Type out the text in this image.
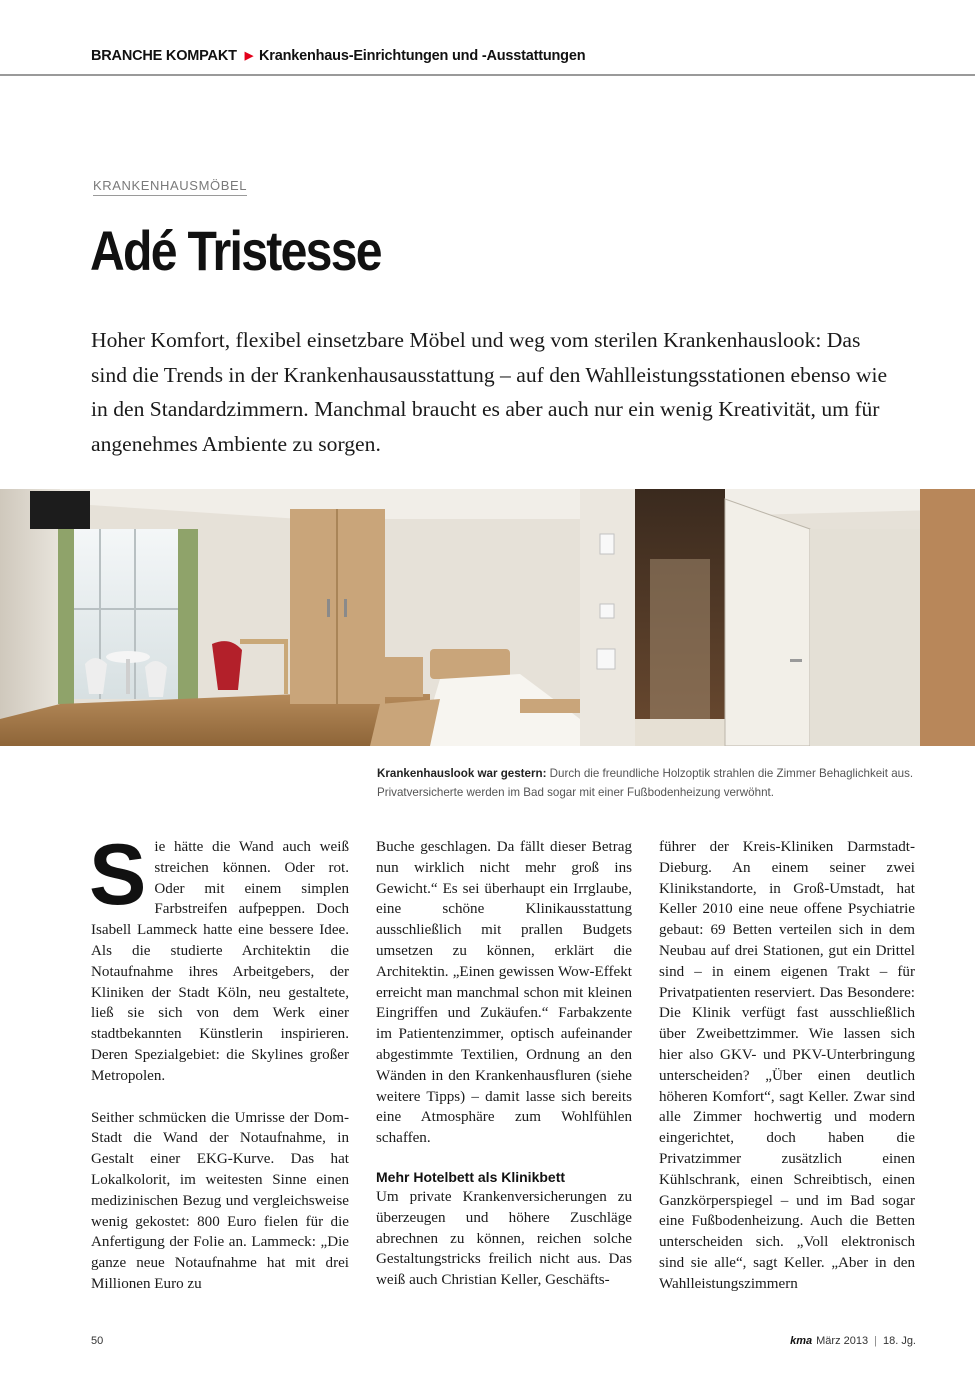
BRANCHE KOMPAKT ▶ Krankenhaus-Einrichtungen und -Ausstattungen
KRANKENHAUSMÖBEL
Adé Tristesse

Hoher Komfort, flexibel einsetzbare Möbel und weg vom sterilen Krankenhauslook: Das sind die Trends in der Krankenhausausstattung – auf den Wahlleistungsstationen ebenso wie in den Standardzimmern. Manchmal braucht es aber auch nur ein wenig Kreativität, um für angenehmes Ambiente zu sorgen.

Krankenhauslook war gestern: Durch die freundliche Holzoptik strahlen die Zimmer Behaglichkeit aus. Privatversicherte werden im Bad sogar mit einer Fußbodenheizung verwöhnt.

Sie hätte die Wand auch weiß streichen können. Oder rot. Oder mit einem simplen Farbstreifen aufpeppen. Doch Isabell Lammeck hatte eine bessere Idee. Als die studierte Architektin die Notaufnahme ihres Arbeitgebers, der Kliniken der Stadt Köln, neu gestaltete, ließ sie sich von dem Werk einer stadtbekannten Künstlerin inspirieren. Deren Spezialgebiet: die Skylines großer Metropolen.

Seither schmücken die Umrisse der Dom-Stadt die Wand der Notaufnahme, in Gestalt einer EKG-Kurve. Das hat Lokalkolorit, im weitesten Sinne einen medizinischen Bezug und vergleichsweise wenig gekostet: 800 Euro fielen für die Anfertigung der Folie an. Lammeck: „Die ganze neue Notaufnahme hat mit drei Millionen Euro zu

Buche geschlagen. Da fällt dieser Betrag nun wirklich nicht mehr groß ins Gewicht.“ Es sei überhaupt ein Irrglaube, eine schöne Klinikausstattung ausschließlich mit prallen Budgets umsetzen zu können, erklärt die Architektin. „Einen gewissen Wow-Effekt erreicht man manchmal schon mit kleinen Eingriffen und Zukäufen.“ Farbakzente im Patientenzimmer, optisch aufeinander abgestimmte Textilien, Ordnung an den Wänden in den Krankenhausfluren (siehe weitere Tipps) – damit lasse sich bereits eine Atmosphäre zum Wohlfühlen schaffen.

Mehr Hotelbett als Klinikbett

Um private Krankenversicherungen zu überzeugen und höhere Zuschläge abrechnen zu können, reichen solche Gestaltungstricks freilich nicht aus. Das weiß auch Christian Keller, Geschäfts-

führer der Kreis-Kliniken Darmstadt-Dieburg. An einem seiner zwei Klinikstandorte, in Groß-Umstadt, hat Keller 2010 eine neue offene Psychiatrie gebaut: 69 Betten verteilen sich in dem Neubau auf drei Stationen, gut ein Drittel sind – in einem eigenen Trakt – für Privatpatienten reserviert. Das Besondere: Die Klinik verfügt fast ausschließlich über Zweibettzimmer. Wie lassen sich hier also GKV- und PKV-Unterbringung unterscheiden? „Über einen deutlich höheren Komfort“, sagt Keller. Zwar sind alle Zimmer hochwertig und modern eingerichtet, doch haben die Privatzimmer zusätzlich einen Kühlschrank, einen Schreibtisch, einen Ganzkörperspiegel – und im Bad sogar eine Fußbodenheizung. Auch die Betten unterscheiden sich. „Voll elektronisch sind sie alle“, sagt Keller. „Aber in den Wahlleistungszimmern

50	kma März 2013 | 18. Jg.
